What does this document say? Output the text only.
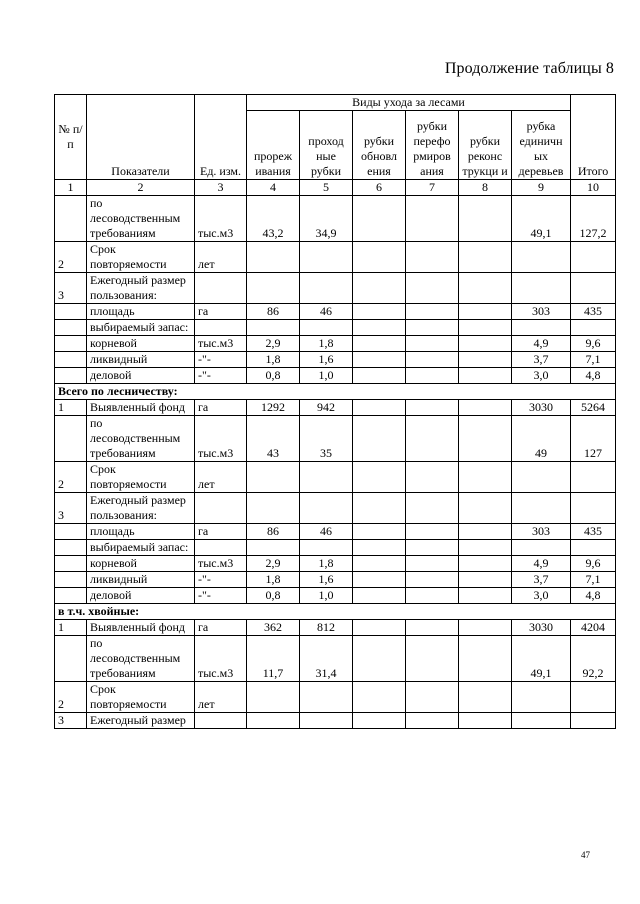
Продолжение таблицы 8
№ п/п	Показатели	Ед. изм.	Виды ухода за лесами						Итого
			прореж ивания	проход ные рубки	рубки обновл ения	рубки перефо рмиров ания	рубки реконс трукци и	рубка единичн ых деревьев	
1	2	3	4	5	6	7	8	9	10
	по лесоводственным требованиям	тыс.м3	43,2	34,9				49,1	127,2
2	Срок повторяемости	лет							
3	Ежегодный размер пользования:								
	площадь	га	86	46				303	435
	выбираемый запас:								
	корневой	тыс.м3	2,9	1,8				4,9	9,6
	ликвидный	-"-	1,8	1,6				3,7	7,1
	деловой	-"-	0,8	1,0				3,0	4,8
Всего по лесничеству:									
1	Выявленный фонд	га	1292	942				3030	5264
	по лесоводственным требованиям	тыс.м3	43	35				49	127
2	Срок повторяемости	лет							
3	Ежегодный размер пользования:								
	площадь	га	86	46				303	435
	выбираемый запас:								
	корневой	тыс.м3	2,9	1,8				4,9	9,6
	ликвидный	-"-	1,8	1,6				3,7	7,1
	деловой	-"-	0,8	1,0				3,0	4,8
в т.ч. хвойные:									
1	Выявленный фонд	га	362	812				3030	4204
	по лесоводственным требованиям	тыс.м3	11,7	31,4				49,1	92,2
2	Срок повторяемости	лет							
3	Ежегодный размер								
47
